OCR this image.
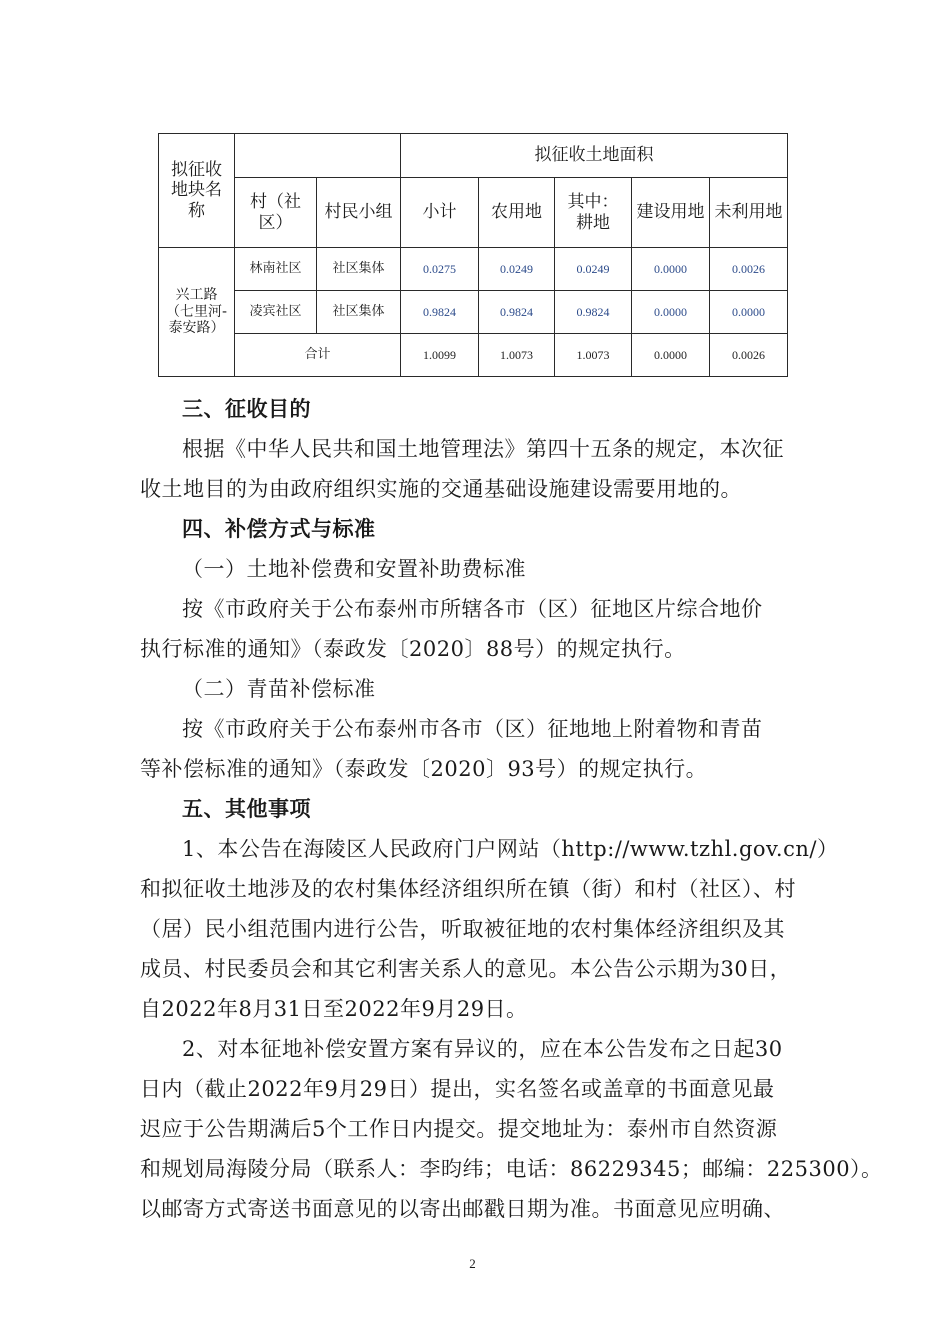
拟征收地块名称			拟征收土地面积				
	村（社区）	村民小组	小计	农用地	其中：耕地	建设用地	未利用地
兴工路（七里河-泰安路）	林南社区	社区集体	0.0275	0.0249	0.0249	0.0000	0.0026
	凌宾社区	社区集体	0.9824	0.9824	0.9824	0.0000	0.0000
	合计		1.0099	1.0073	1.0073	0.0000	0.0026
三、征收目的
根据《中华人民共和国土地管理法》第四十五条的规定，本次征
收土地目的为由政府组织实施的交通基础设施建设需要用地的。
四、补偿方式与标准
（一）土地补偿费和安置补助费标准
按《市政府关于公布泰州市所辖各市（区）征地区片综合地价
执行标准的通知》（泰政发〔2020〕88号）的规定执行。
（二）青苗补偿标准
按《市政府关于公布泰州市各市（区）征地地上附着物和青苗
等补偿标准的通知》（泰政发〔2020〕93号）的规定执行。
五、其他事项
1、本公告在海陵区人民政府门户网站（http://www.tzhl.gov.cn/）
和拟征收土地涉及的农村集体经济组织所在镇（街）和村（社区）、村
（居）民小组范围内进行公告，听取被征地的农村集体经济组织及其
成员、村民委员会和其它利害关系人的意见。本公告公示期为30日，
自2022年8月31日至2022年9月29日。
2、对本征地补偿安置方案有异议的，应在本公告发布之日起30
日内（截止2022年9月29日）提出，实名签名或盖章的书面意见最
迟应于公告期满后5个工作日内提交。提交地址为：泰州市自然资源
和规划局海陵分局（联系人：李昀纬；电话：86229345；邮编：225300）。
以邮寄方式寄送书面意见的以寄出邮戳日期为准。书面意见应明确、
2
